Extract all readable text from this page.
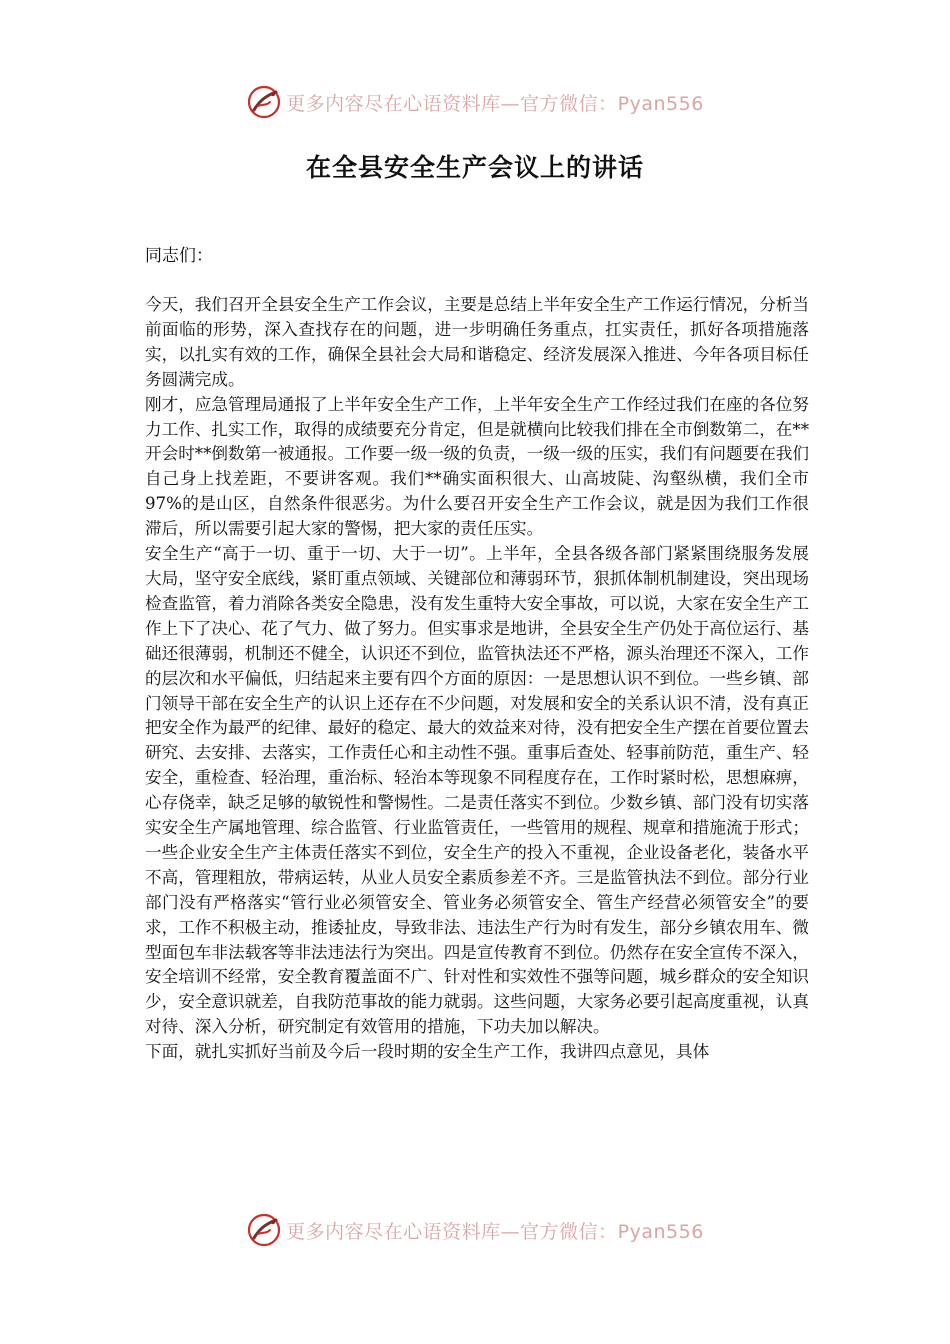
更多内容尽在心语资料库—官方微信：Pyan556
在全县安全生产会议上的讲话

同志们：

今天，我们召开全县安全生产工作会议，主要是总结上半年安全生产工作运行情况，分析当前面临的形势，深入查找存在的问题，进一步明确任务重点，扛实责任，抓好各项措施落实，以扎实有效的工作，确保全县社会大局和谐稳定、经济发展深入推进、今年各项目标任务圆满完成。

刚才，应急管理局通报了上半年安全生产工作，上半年安全生产工作经过我们在座的各位努力工作、扎实工作，取得的成绩要充分肯定，但是就横向比较我们排在全市倒数第二，在**开会时**倒数第一被通报。工作要一级一级的负责，一级一级的压实，我们有问题要在我们自己身上找差距，不要讲客观。我们**确实面积很大、山高坡陡、沟壑纵横，我们全市97%的是山区，自然条件很恶劣。为什么要召开安全生产工作会议，就是因为我们工作很滞后，所以需要引起大家的警惕，把大家的责任压实。

安全生产“高于一切、重于一切、大于一切”。上半年，全县各级各部门紧紧围绕服务发展大局，坚守安全底线，紧盯重点领域、关键部位和薄弱环节，狠抓体制机制建设，突出现场检查监管，着力消除各类安全隐患，没有发生重特大安全事故，可以说，大家在安全生产工作上下了决心、花了气力、做了努力。但实事求是地讲，全县安全生产仍处于高位运行、基础还很薄弱，机制还不健全，认识还不到位，监管执法还不严格，源头治理还不深入，工作的层次和水平偏低，归结起来主要有四个方面的原因：一是思想认识不到位。一些乡镇、部门领导干部在安全生产的认识上还存在不少问题，对发展和安全的关系认识不清，没有真正把安全作为最严的纪律、最好的稳定、最大的效益来对待，没有把安全生产摆在首要位置去研究、去安排、去落实，工作责任心和主动性不强。重事后查处、轻事前防范，重生产、轻安全，重检查、轻治理，重治标、轻治本等现象不同程度存在，工作时紧时松，思想麻痹，心存侥幸，缺乏足够的敏锐性和警惕性。二是责任落实不到位。少数乡镇、部门没有切实落实安全生产属地管理、综合监管、行业监管责任，一些管用的规程、规章和措施流于形式；一些企业安全生产主体责任落实不到位，安全生产的投入不重视，企业设备老化，装备水平不高，管理粗放，带病运转，从业人员安全素质参差不齐。三是监管执法不到位。部分行业部门没有严格落实“管行业必须管安全、管业务必须管安全、管生产经营必须管安全”的要求，工作不积极主动，推诿扯皮，导致非法、违法生产行为时有发生，部分乡镇农用车、微型面包车非法载客等非法违法行为突出。四是宣传教育不到位。仍然存在安全宣传不深入，安全培训不经常，安全教育覆盖面不广、针对性和实效性不强等问题，城乡群众的安全知识少，安全意识就差，自我防范事故的能力就弱。这些问题，大家务必要引起高度重视，认真对待、深入分析，研究制定有效管用的措施，下功夫加以解决。

下面，就扎实抓好当前及今后一段时期的安全生产工作，我讲四点意见，具体

更多内容尽在心语资料库—官方微信：Pyan556
